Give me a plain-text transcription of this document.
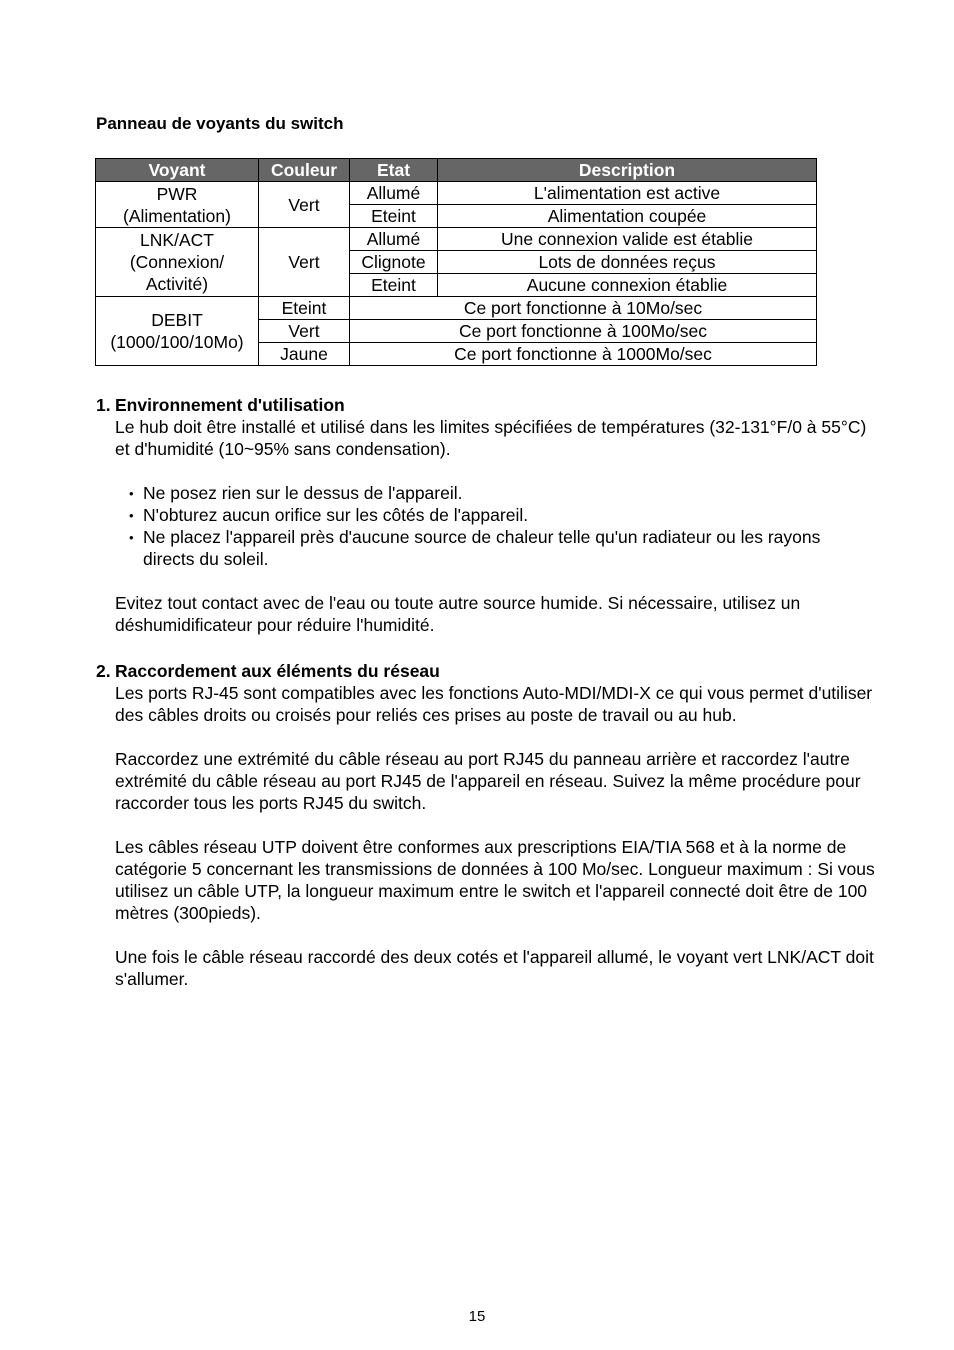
Panneau de voyants du switch
Voyant	Couleur	Etat	Description
PWR
(Alimentation)	Vert	Allumé	L'alimentation est active
		Eteint	Alimentation coupée
LNK/ACT
(Connexion/
Activité)	Vert	Allumé	Une connexion valide est établie
		Clignote	Lots de données reçus
		Eteint	Aucune connexion établie
DEBIT
(1000/100/10Mo)	Eteint	Ce port fonctionne à 10Mo/sec	
	Vert	Ce port fonctionne à 100Mo/sec	
	Jaune	Ce port fonctionne à 1000Mo/sec	
1. Environnement d'utilisation

Le hub doit être installé et utilisé dans les limites spécifiées de températures (32-131°F/0 à 55°C) et d'humidité (10~95% sans condensation).

• Ne posez rien sur le dessus de l'appareil.
• N'obturez aucun orifice sur les côtés de l'appareil.
• Ne placez l'appareil près d'aucune source de chaleur telle qu'un radiateur ou les rayons directs du soleil.

Evitez tout contact avec de l'eau ou toute autre source humide. Si nécessaire, utilisez un déshumidificateur pour réduire l'humidité.

2. Raccordement aux éléments du réseau

Les ports RJ-45 sont compatibles avec les fonctions Auto-MDI/MDI-X ce qui vous permet d'utiliser des câbles droits ou croisés pour reliés ces prises au poste de travail ou au hub.

Raccordez une extrémité du câble réseau au port RJ45 du panneau arrière et raccordez l'autre extrémité du câble réseau au port RJ45 de l'appareil en réseau. Suivez la même procédure pour raccorder tous les ports RJ45 du switch.

Les câbles réseau UTP doivent être conformes aux prescriptions EIA/TIA 568 et à la norme de catégorie 5 concernant les transmissions de données à 100 Mo/sec. Longueur maximum : Si vous utilisez un câble UTP, la longueur maximum entre le switch et l'appareil connecté doit être de 100 mètres (300pieds).

Une fois le câble réseau raccordé des deux cotés et l'appareil allumé, le voyant vert LNK/ACT doit s'allumer.

15
